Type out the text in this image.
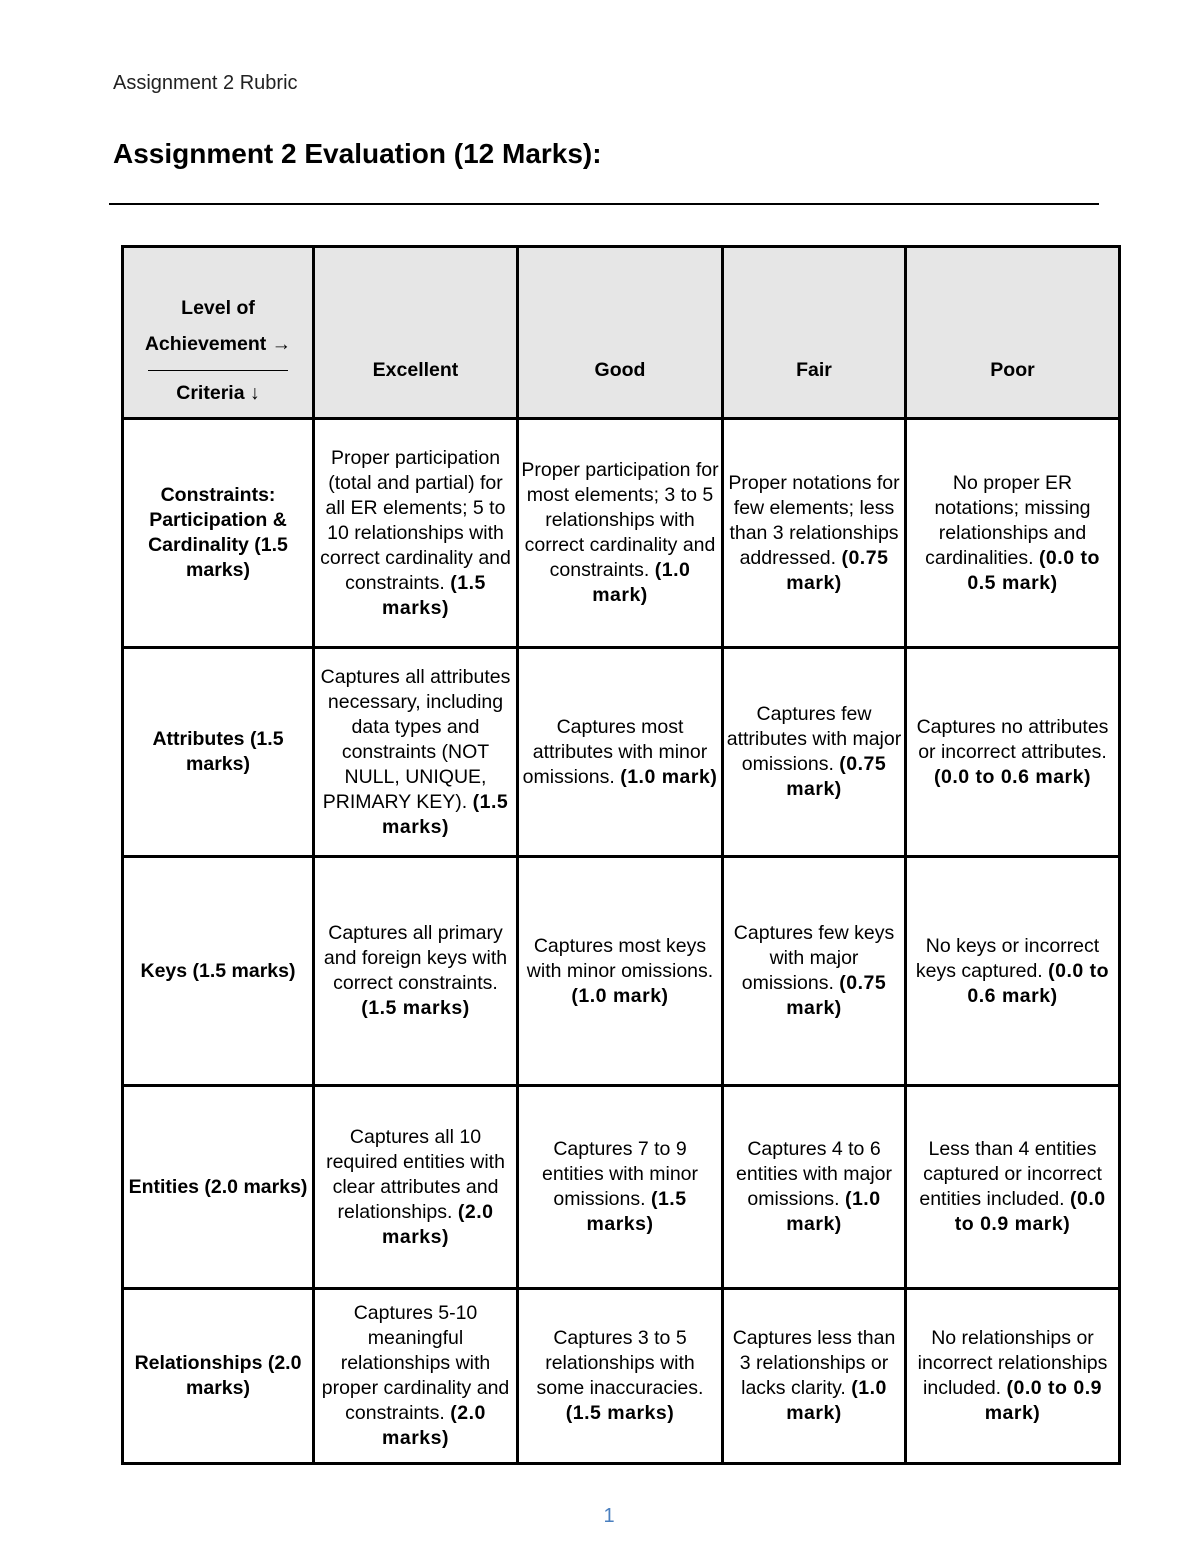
Assignment 2 Rubric
Assignment 2 Evaluation (12 Marks):
Level of
Achievement →
Criteria ↓	Excellent	Good	Fair	Poor
Constraints: Participation & Cardinality (1.5 marks)	Proper participation (total and partial) for all ER elements; 5 to 10 relationships with correct cardinality and constraints. (1.5 marks)	Proper participation for most elements; 3 to 5 relationships with correct cardinality and constraints. (1.0 mark)	Proper notations for few elements; less than 3 relationships addressed. (0.75 mark)	No proper ER notations; missing relationships and cardinalities. (0.0 to 0.5 mark)
Attributes (1.5 marks)	Captures all attributes necessary, including data types and constraints (NOT NULL, UNIQUE, PRIMARY KEY). (1.5 marks)	Captures most attributes with minor omissions. (1.0 mark)	Captures few attributes with major omissions. (0.75 mark)	Captures no attributes or incorrect attributes. (0.0 to 0.6 mark)
Keys (1.5 marks)	Captures all primary and foreign keys with correct constraints. (1.5 marks)	Captures most keys with minor omissions. (1.0 mark)	Captures few keys with major omissions. (0.75 mark)	No keys or incorrect keys captured. (0.0 to 0.6 mark)
Entities (2.0 marks)	Captures all 10 required entities with clear attributes and relationships. (2.0 marks)	Captures 7 to 9 entities with minor omissions. (1.5 marks)	Captures 4 to 6 entities with major omissions. (1.0 mark)	Less than 4 entities captured or incorrect entities included. (0.0 to 0.9 mark)
Relationships (2.0 marks)	Captures 5-10 meaningful relationships with proper cardinality and constraints. (2.0 marks)	Captures 3 to 5 relationships with some inaccuracies. (1.5 marks)	Captures less than 3 relationships or lacks clarity. (1.0 mark)	No relationships or incorrect relationships included. (0.0 to 0.9 mark)
1
